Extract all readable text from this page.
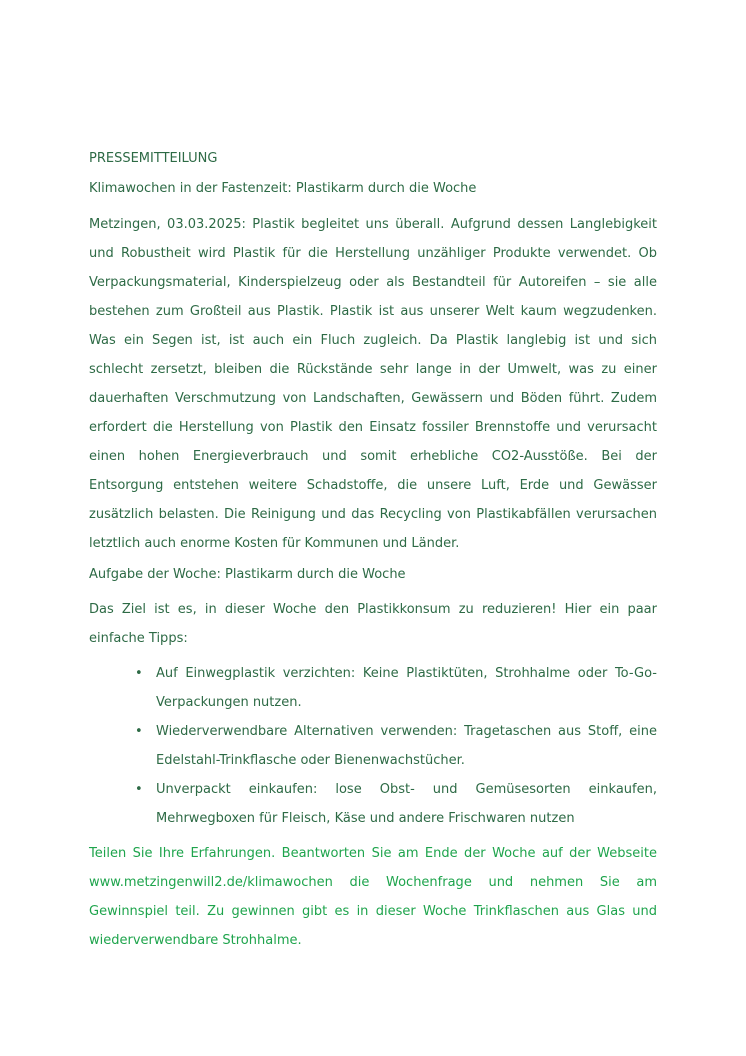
PRESSEMITTEILUNG

Klimawochen in der Fastenzeit: Plastikarm durch die Woche

Metzingen, 03.03.2025: Plastik begleitet uns überall. Aufgrund dessen Langlebigkeit und Robustheit wird Plastik für die Herstellung unzähliger Produkte verwendet. Ob Verpackungsmaterial, Kinderspielzeug oder als Bestandteil für Autoreifen – sie alle bestehen zum Großteil aus Plastik. Plastik ist aus unserer Welt kaum wegzudenken. Was ein Segen ist, ist auch ein Fluch zugleich. Da Plastik langlebig ist und sich schlecht zersetzt, bleiben die Rückstände sehr lange in der Umwelt, was zu einer dauerhaften Verschmutzung von Landschaften, Gewässern und Böden führt. Zudem erfordert die Herstellung von Plastik den Einsatz fossiler Brennstoffe und verursacht einen hohen Energieverbrauch und somit erhebliche CO2-Ausstöße. Bei der Entsorgung entstehen weitere Schadstoffe, die unsere Luft, Erde und Gewässer zusätzlich belasten. Die Reinigung und das Recycling von Plastikabfällen verursachen letztlich auch enorme Kosten für Kommunen und Länder.

Aufgabe der Woche: Plastikarm durch die Woche

Das Ziel ist es, in dieser Woche den Plastikkonsum zu reduzieren! Hier ein paar einfache Tipps:

• Auf Einwegplastik verzichten: Keine Plastiktüten, Strohhalme oder To-Go-Verpackungen nutzen.
• Wiederverwendbare Alternativen verwenden: Tragetaschen aus Stoff, eine Edelstahl-Trinkflasche oder Bienenwachstücher.
• Unverpackt einkaufen: lose Obst- und Gemüsesorten einkaufen, Mehrwegboxen für Fleisch, Käse und andere Frischwaren nutzen

Teilen Sie Ihre Erfahrungen. Beantworten Sie am Ende der Woche auf der Webseite www.metzingenwill2.de/klimawochen die Wochenfrage und nehmen Sie am Gewinnspiel teil. Zu gewinnen gibt es in dieser Woche Trinkflaschen aus Glas und wiederverwendbare Strohhalme.
